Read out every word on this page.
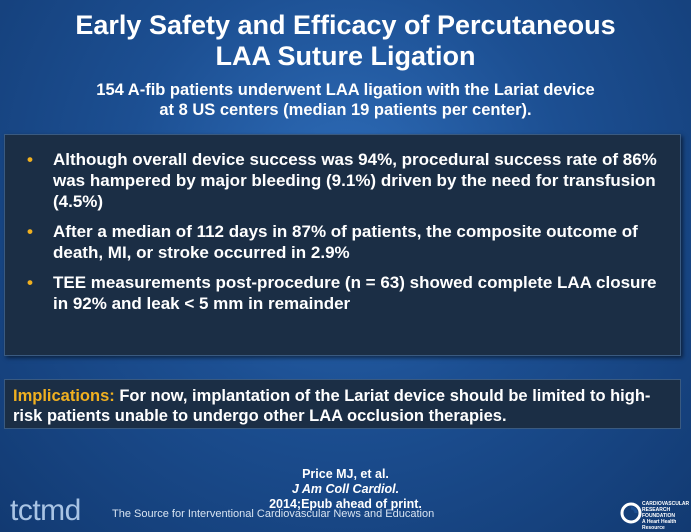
Early Safety and Efficacy of Percutaneous
LAA Suture Ligation
154 A-fib patients underwent LAA ligation with the Lariat device
at 8 US centers (median 19 patients per center).
• Although overall device success was 94%, procedural success rate of 86% was hampered by major bleeding (9.1%) driven by the need for transfusion (4.5%)
• After a median of 112 days in 87% of patients, the composite outcome of death, MI, or stroke occurred in 2.9%
• TEE measurements post-procedure (n = 63) showed complete LAA closure in 92% and leak < 5 mm in remainder
Implications: For now, implantation of the Lariat device should be limited to high-risk patients unable to undergo other LAA occlusion therapies.
Price MJ, et al.
J Am Coll Cardiol.
2014;Epub ahead of print.
tctmd	The Source for Interventional Cardiovascular News and Education
CARDIOVASCULAR
RESEARCH
FOUNDATION
A Heart Health Resource
